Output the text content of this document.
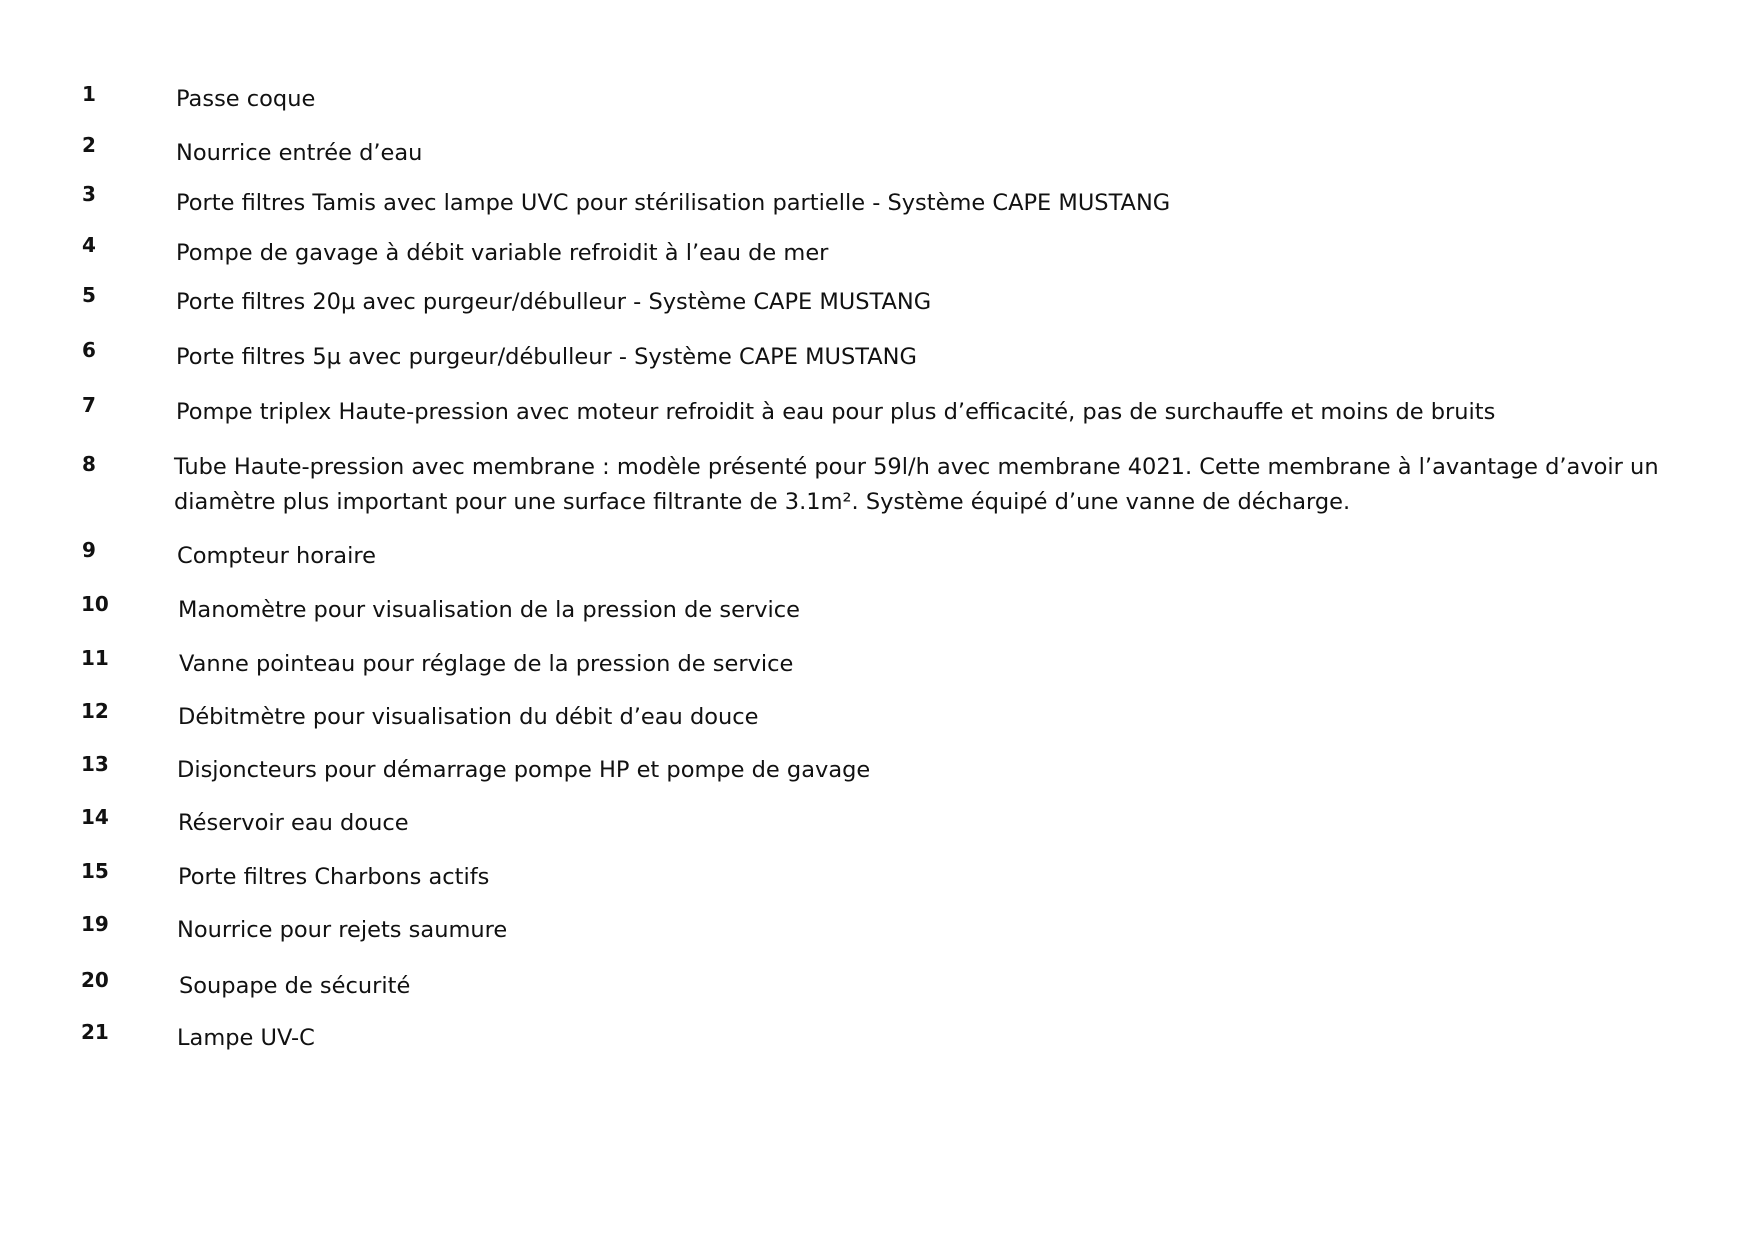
1	Passe coque
2	Nourrice entrée d’eau
3	Porte filtres Tamis avec lampe UVC pour stérilisation partielle - Système CAPE MUSTANG
4	Pompe de gavage à débit variable refroidit à l’eau de mer
5	Porte filtres 20µ avec purgeur/débulleur - Système CAPE MUSTANG
6	Porte filtres 5µ avec purgeur/débulleur - Système CAPE MUSTANG
7	Pompe triplex Haute-pression avec moteur refroidit à eau pour plus d’efficacité, pas de surchauffe et moins de bruits
8	Tube Haute-pression avec membrane : modèle présenté pour 59l/h avec membrane 4021. Cette membrane à l’avantage d’avoir un diamètre plus important pour une surface filtrante de 3.1m². Système équipé d’une vanne de décharge.
9	Compteur horaire
10	Manomètre pour visualisation de la pression de service
11	Vanne pointeau pour réglage de la pression de service
12	Débitmètre pour visualisation du débit d’eau douce
13	Disjoncteurs pour démarrage pompe HP et pompe de gavage
14	Réservoir eau douce
15	Porte filtres Charbons actifs
19	Nourrice pour rejets saumure
20	Soupape de sécurité
21	Lampe UV-C
